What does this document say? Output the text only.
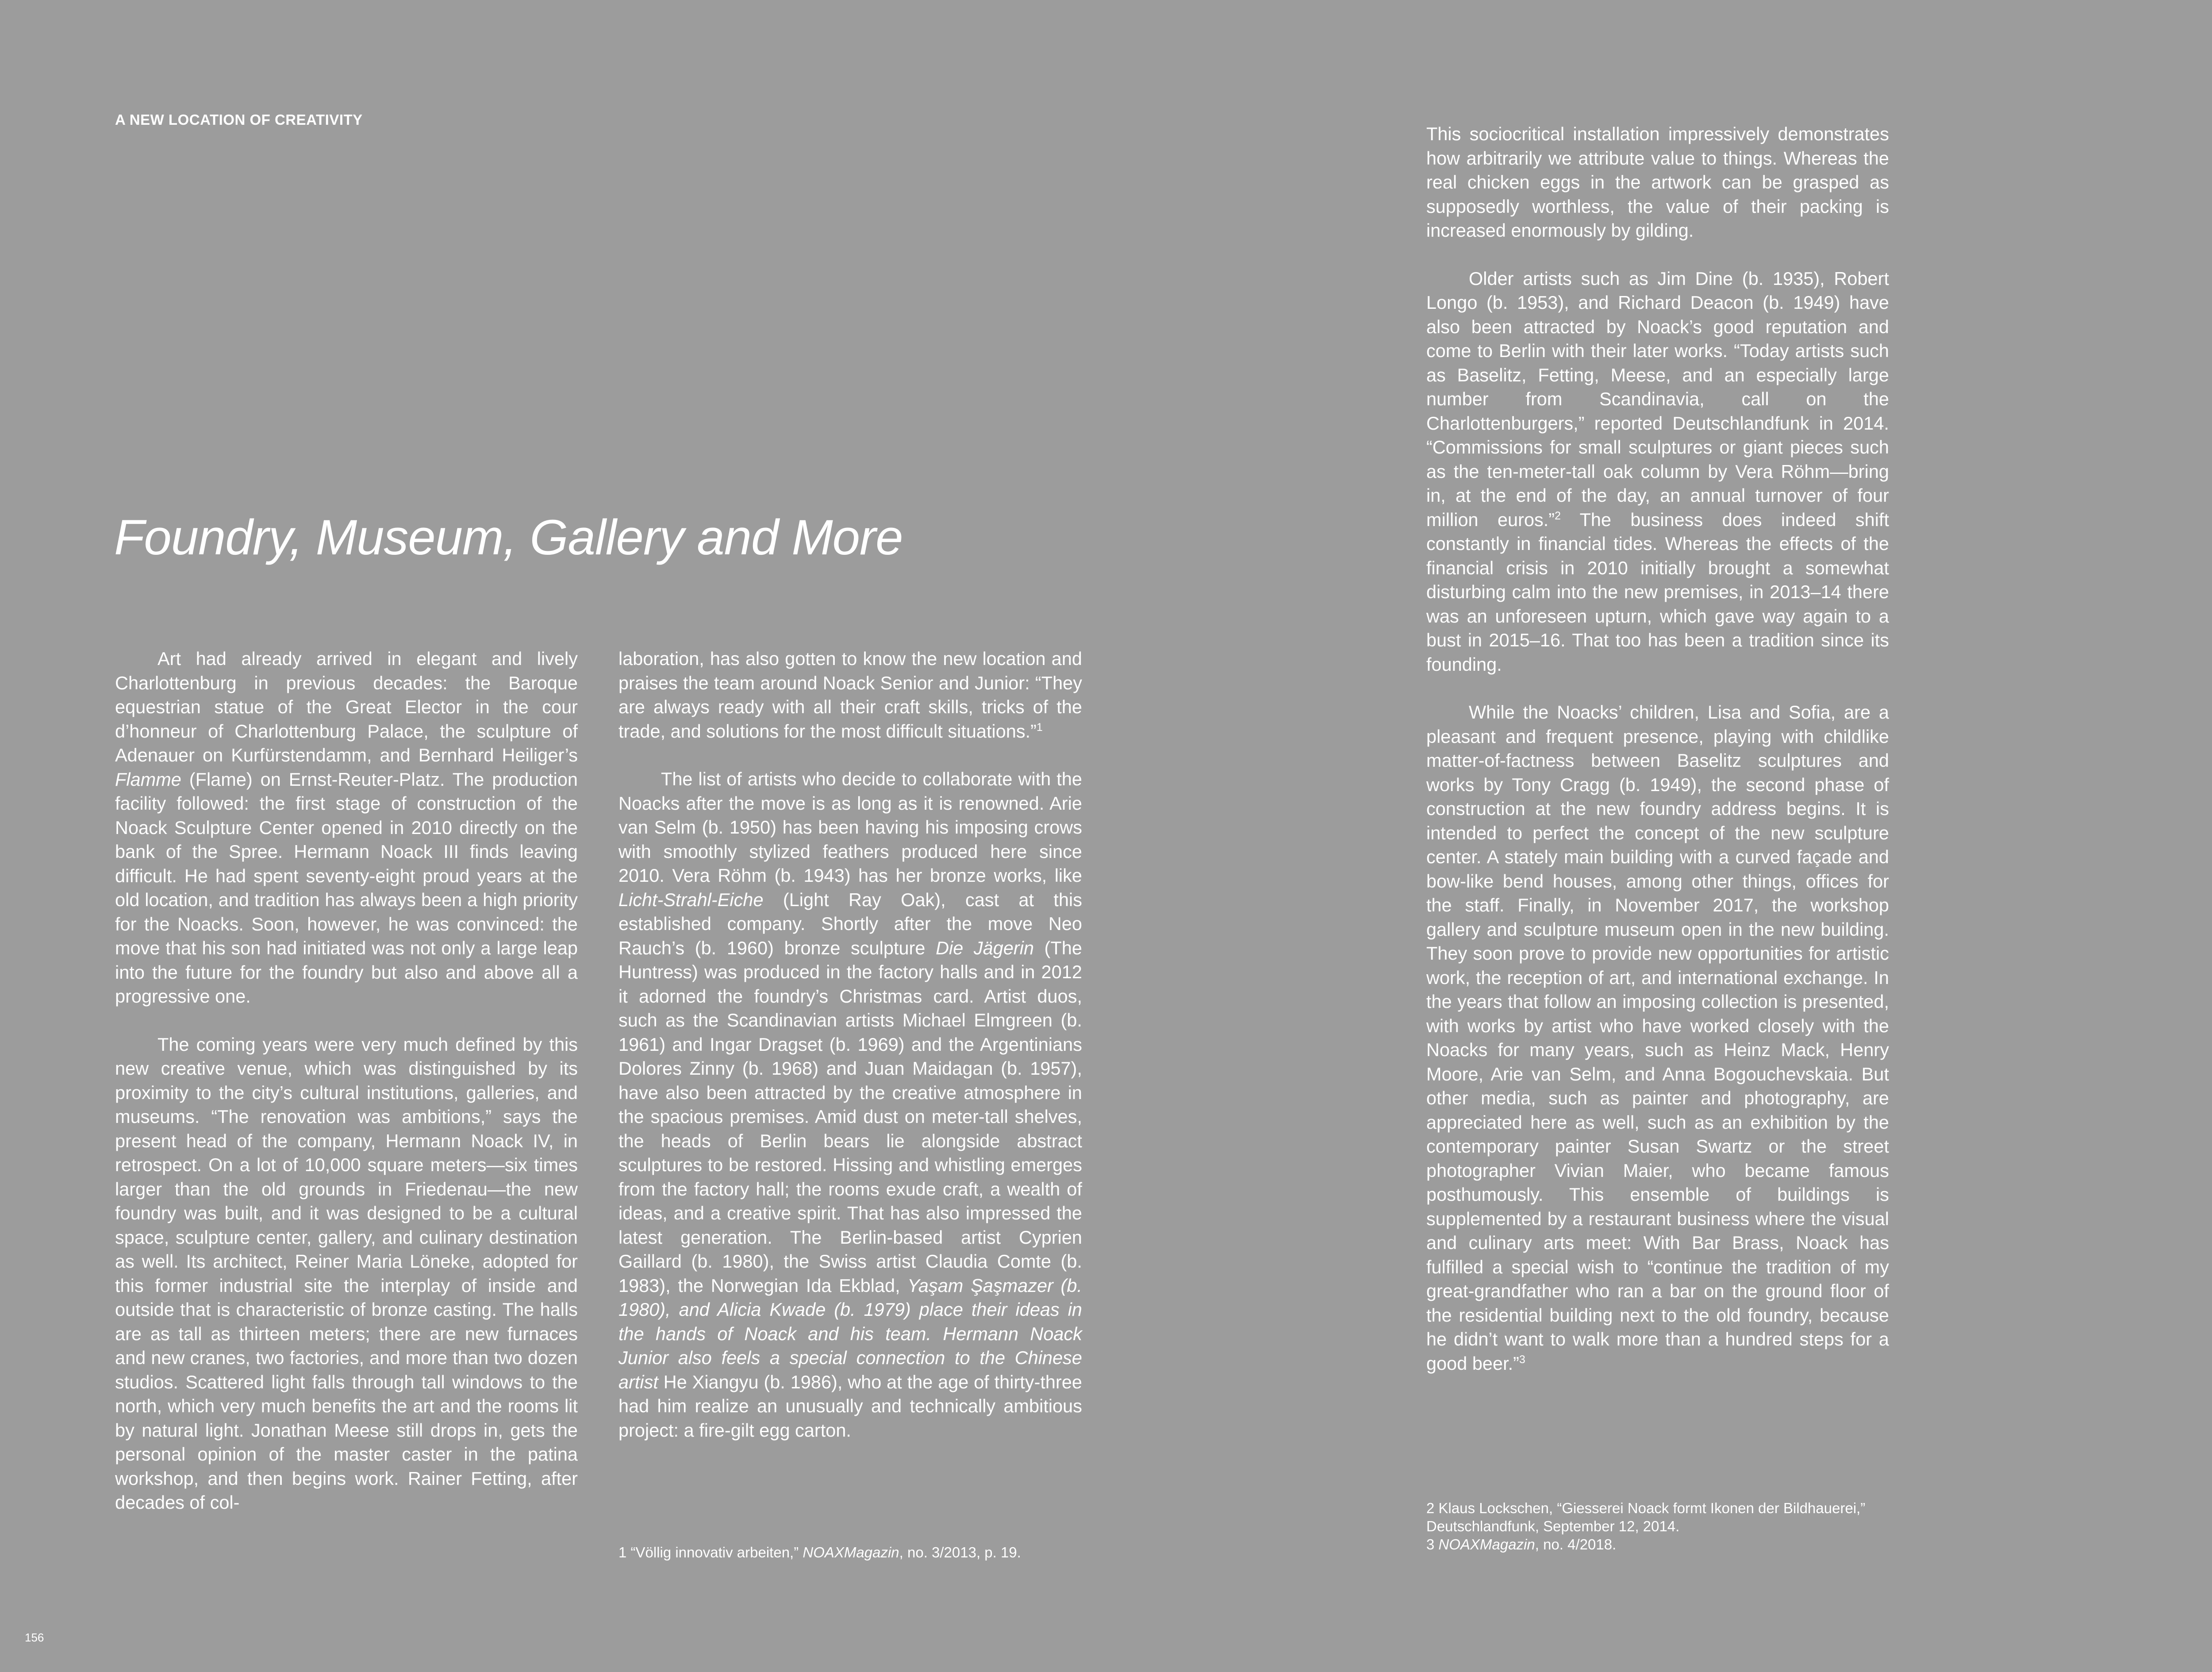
A NEW LOCATION OF CREATIVITY
Foundry, Museum, Gallery and More

Art had already arrived in elegant and lively Charlottenburg in previous decades: the Baroque equestrian statue of the Great Elector in the cour d’honneur of Charlottenburg Palace, the sculpture of Adenauer on Kurfürstendamm, and Bernhard Heiliger’s Flamme (Flame) on Ernst-Reuter-Platz. The production facility followed: the first stage of construction of the Noack Sculpture Center opened in 2010 directly on the bank of the Spree. Hermann Noack III finds leaving difficult. He had spent seventy-eight proud years at the old location, and tradition has always been a high priority for the Noacks. Soon, however, he was convinced: the move that his son had initiated was not only a large leap into the future for the foundry but also and above all a progressive one.

The coming years were very much defined by this new creative venue, which was distinguished by its proximity to the city’s cultural institutions, galleries, and museums. “The renovation was ambitions,” says the present head of the company, Hermann Noack IV, in retrospect. On a lot of 10,000 square meters—six times larger than the old grounds in Friedenau—the new foundry was built, and it was designed to be a cultural space, sculpture center, gallery, and culinary destination as well. Its architect, Reiner Maria Löneke, adopted for this former industrial site the interplay of inside and outside that is characteristic of bronze casting. The halls are as tall as thirteen meters; there are new furnaces and new cranes, two factories, and more than two dozen studios. Scattered light falls through tall windows to the north, which very much benefits the art and the rooms lit by natural light. Jonathan Meese still drops in, gets the personal opinion of the master caster in the patina workshop, and then begins work. Rainer Fetting, after decades of col-

laboration, has also gotten to know the new location and praises the team around Noack Senior and Junior: “They are always ready with all their craft skills, tricks of the trade, and solutions for the most difficult situations.”$^1$

The list of artists who decide to collaborate with the Noacks after the move is as long as it is renowned. Arie van Selm (b. 1950) has been having his imposing crows with smoothly stylized feathers produced here since 2010. Vera Röhm (b. 1943) has her bronze works, like Licht-Strahl-Eiche (Light Ray Oak), cast at this established company. Shortly after the move Neo Rauch’s (b. 1960) bronze sculpture Die Jägerin (The Huntress) was produced in the factory halls and in 2012 it adorned the foundry’s Christmas card. Artist duos, such as the Scandinavian artists Michael Elmgreen (b. 1961) and Ingar Dragset (b. 1969) and the Argentinians Dolores Zinny (b. 1968) and Juan Maidagan (b. 1957), have also been attracted by the creative atmosphere in the spacious premises. Amid dust on meter-tall shelves, the heads of Berlin bears lie alongside abstract sculptures to be restored. Hissing and whistling emerges from the factory hall; the rooms exude craft, a wealth of ideas, and a creative spirit. That has also impressed the latest generation. The Berlin-based artist Cyprien Gaillard (b. 1980), the Swiss artist Claudia Comte (b. 1983), the Norwegian Ida Ekblad, Yaşam Şaşmazer (b. 1980), and Alicia Kwade (b. 1979) place their ideas in the hands of Noack and his team. Hermann Noack Junior also feels a special connection to the Chinese artist He Xiangyu (b. 1986), who at the age of thirty-three had him realize an unusually and technically ambitious project: a fire-gilt egg carton.

1 “Völlig innovativ arbeiten,” NOAXMagazin, no. 3/2013, p. 19.
156

This sociocritical installation impressively demonstrates how arbitrarily we attribute value to things. Whereas the real chicken eggs in the artwork can be grasped as supposedly worthless, the value of their packing is increased enormously by gilding.

Older artists such as Jim Dine (b. 1935), Robert Longo (b. 1953), and Richard Deacon (b. 1949) have also been attracted by Noack’s good reputation and come to Berlin with their later works. “Today artists such as Baselitz, Fetting, Meese, and an especially large number from Scandinavia, call on the Charlottenburgers,” reported Deutschlandfunk in 2014. “Commissions for small sculptures or giant pieces such as the ten-meter-tall oak column by Vera Röhm—bring in, at the end of the day, an annual turnover of four million euros.”$^2$ The business does indeed shift constantly in financial tides. Whereas the effects of the financial crisis in 2010 initially brought a somewhat disturbing calm into the new premises, in 2013–14 there was an unforeseen upturn, which gave way again to a bust in 2015–16. That too has been a tradition since its founding.

While the Noacks’ children, Lisa and Sofia, are a pleasant and frequent presence, playing with childlike matter-of-factness between Baselitz sculptures and works by Tony Cragg (b. 1949), the second phase of construction at the new foundry address begins. It is intended to perfect the concept of the new sculpture center. A stately main building with a curved façade and bow-like bend houses, among other things, offices for the staff. Finally, in November 2017, the workshop gallery and sculpture museum open in the new building. They soon prove to provide new opportunities for artistic work, the reception of art, and international exchange. In the years that follow an imposing collection is presented, with works by artist who have worked closely with the Noacks for many years, such as Heinz Mack, Henry Moore, Arie van Selm, and Anna Bogouchevskaia. But other media, such as painter and photography, are appreciated here as well, such as an exhibition by the contemporary painter Susan Swartz or the street photographer Vivian Maier, who became famous posthumously. This ensemble of buildings is supplemented by a restaurant business where the visual and culinary arts meet: With Bar Brass, Noack has fulfilled a special wish to “continue the tradition of my great-grandfather who ran a bar on the ground floor of the residential building next to the old foundry, because he didn’t want to walk more than a hundred steps for a good beer.”$^3$

2 Klaus Lockschen, “Giesserei Noack formt Ikonen der Bildhauerei,” Deutschlandfunk, September 12, 2014.
3 NOAXMagazin, no. 4/2018.
